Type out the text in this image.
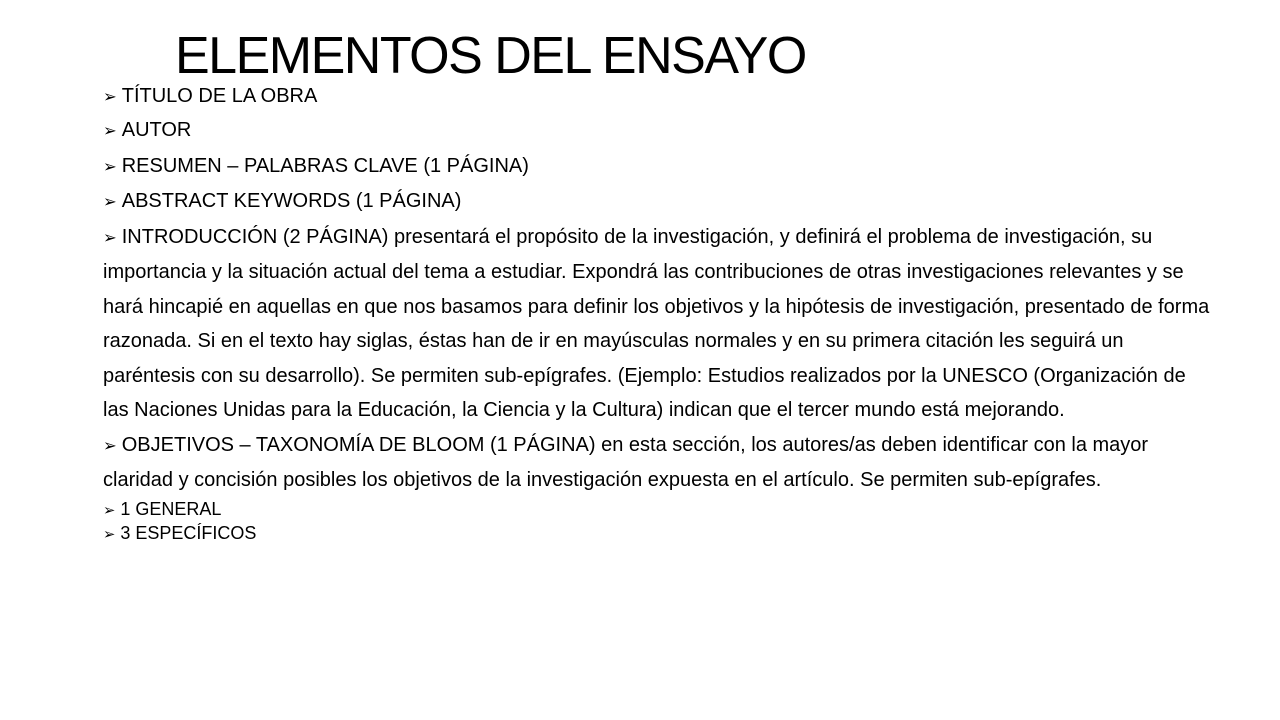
ELEMENTOS DEL ENSAYO

➢ TÍTULO DE LA OBRA

➢ AUTOR

➢ RESUMEN – PALABRAS CLAVE (1 PÁGINA)

➢ ABSTRACT KEYWORDS (1 PÁGINA)

➢ INTRODUCCIÓN (2 PÁGINA) presentará el propósito de la investigación, y definirá el problema de investigación, su importancia y la situación actual del tema a estudiar. Expondrá las contribuciones de otras investigaciones relevantes y se hará hincapié en aquellas en que nos basamos para definir los objetivos y la hipótesis de investigación, presentado de forma razonada. Si en el texto hay siglas, éstas han de ir en mayúsculas normales y en su primera citación les seguirá un paréntesis con su desarrollo). Se permiten sub-epígrafes. (Ejemplo: Estudios realizados por la UNESCO (Organización de las Naciones Unidas para la Educación, la Ciencia y la Cultura) indican que el tercer mundo está mejorando.

➢ OBJETIVOS – TAXONOMÍA DE BLOOM (1 PÁGINA) en esta sección, los autores/as deben identificar con la mayor claridad y concisión posibles los objetivos de la investigación expuesta en el artículo. Se permiten sub-epígrafes.

➢ 1 GENERAL

➢ 3 ESPECÍFICOS
